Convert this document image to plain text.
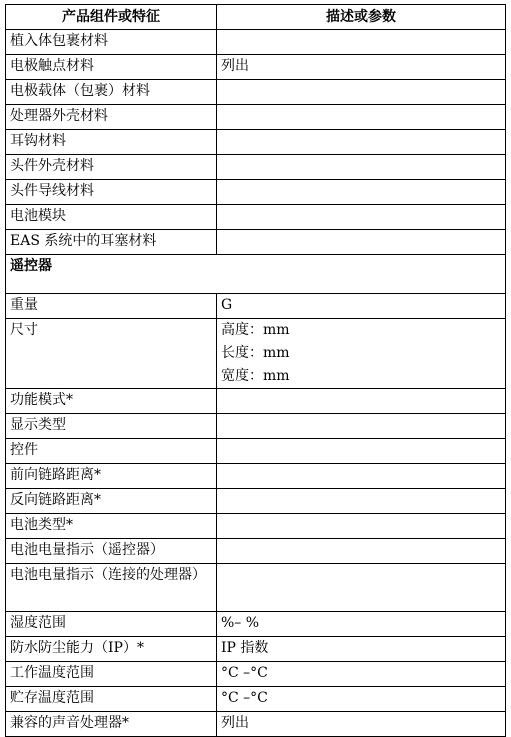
产品组件或特征	描述或参数
植入体包裹材料	
电极触点材料	列出
电极载体（包裹）材料	
处理器外壳材料	
耳钩材料	
头件外壳材料	
头件导线材料	
电池模块	
EAS 系统中的耳塞材料	
遥控器	
重量	G
尺寸	高度：mm
长度：mm
宽度：mm

功能模式*	
显示类型	
控件	
前向链路距离*	
反向链路距离*	
电池类型*	
电池电量指示（遥控器）	
电池电量指示（连接的处理器）	
湿度范围	%– %
防水防尘能力（IP）*	IP 指数
工作温度范围	°C –°C
贮存温度范围	°C –°C
兼容的声音处理器*	列出
